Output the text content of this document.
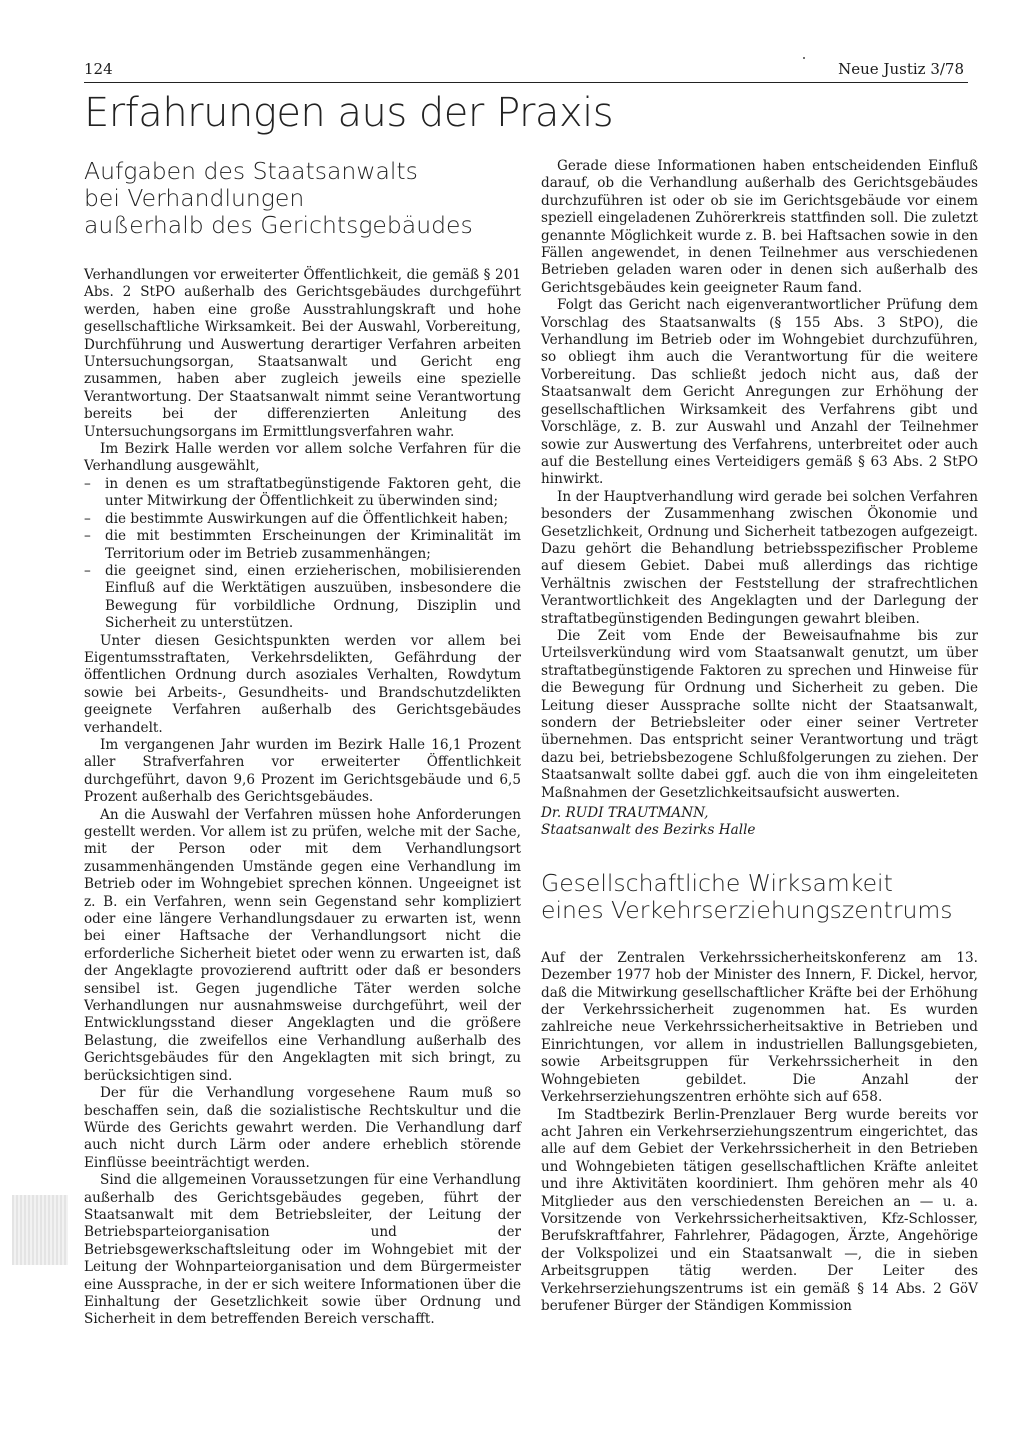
124	Neue Justiz 3/78
Erfahrungen aus der Praxis
Aufgaben des Staatsanwalts
bei Verhandlungen
außerhalb des Gerichtsgebäudes

Verhandlungen vor erweiterter Öffentlichkeit, die gemäß § 201 Abs. 2 StPO außerhalb des Gerichtsgebäudes durchgeführt werden, haben eine große Ausstrahlungskraft und hohe gesellschaftliche Wirksamkeit. Bei der Auswahl, Vorbereitung, Durchführung und Auswertung derartiger Verfahren arbeiten Untersuchungsorgan, Staatsanwalt und Gericht eng zusammen, haben aber zugleich jeweils eine spezielle Verantwortung. Der Staatsanwalt nimmt seine Verantwortung bereits bei der differenzierten Anleitung des Untersuchungsorgans im Ermittlungsverfahren wahr.

Im Bezirk Halle werden vor allem solche Verfahren für die Verhandlung ausgewählt,

– in denen es um straftatbegünstigende Faktoren geht, die unter Mitwirkung der Öffentlichkeit zu überwinden sind;
– die bestimmte Auswirkungen auf die Öffentlichkeit haben;
– die mit bestimmten Erscheinungen der Kriminalität im Territorium oder im Betrieb zusammenhängen;
– die geeignet sind, einen erzieherischen, mobilisierenden Einfluß auf die Werktätigen auszuüben, insbesondere die Bewegung für vorbildliche Ordnung, Disziplin und Sicherheit zu unterstützen.

Unter diesen Gesichtspunkten werden vor allem bei Eigentumsstraftaten, Verkehrsdelikten, Gefährdung der öffentlichen Ordnung durch asoziales Verhalten, Rowdytum sowie bei Arbeits-, Gesundheits- und Brandschutzdelikten geeignete Verfahren außerhalb des Gerichtsgebäudes verhandelt.

Im vergangenen Jahr wurden im Bezirk Halle 16,1 Prozent aller Strafverfahren vor erweiterter Öffentlichkeit durchgeführt, davon 9,6 Prozent im Gerichtsgebäude und 6,5 Prozent außerhalb des Gerichtsgebäudes.

An die Auswahl der Verfahren müssen hohe Anforderungen gestellt werden. Vor allem ist zu prüfen, welche mit der Sache, mit der Person oder mit dem Verhandlungsort zusammenhängenden Umstände gegen eine Verhandlung im Betrieb oder im Wohngebiet sprechen können. Ungeeignet ist z. B. ein Verfahren, wenn sein Gegenstand sehr kompliziert oder eine längere Verhandlungsdauer zu erwarten ist, wenn bei einer Haftsache der Verhandlungsort nicht die erforderliche Sicherheit bietet oder wenn zu erwarten ist, daß der Angeklagte provozierend auftritt oder daß er besonders sensibel ist. Gegen jugendliche Täter werden solche Verhandlungen nur ausnahmsweise durchgeführt, weil der Entwicklungsstand dieser Angeklagten und die größere Belastung, die zweifellos eine Verhandlung außerhalb des Gerichtsgebäudes für den Angeklagten mit sich bringt, zu berücksichtigen sind.

Der für die Verhandlung vorgesehene Raum muß so beschaffen sein, daß die sozialistische Rechtskultur und die Würde des Gerichts gewahrt werden. Die Verhandlung darf auch nicht durch Lärm oder andere erheblich störende Einflüsse beeinträchtigt werden.

Sind die allgemeinen Voraussetzungen für eine Verhandlung außerhalb des Gerichtsgebäudes gegeben, führt der Staatsanwalt mit dem Betriebsleiter, der Leitung der Betriebsparteiorganisation und der Betriebsgewerkschaftsleitung oder im Wohngebiet mit der Leitung der Wohnparteiorganisation und dem Bürgermeister eine Aussprache, in der er sich weitere Informationen über die Einhaltung der Gesetzlichkeit sowie über Ordnung und Sicherheit in dem betreffenden Bereich verschafft.

Gerade diese Informationen haben entscheidenden Einfluß darauf, ob die Verhandlung außerhalb des Gerichtsgebäudes durchzuführen ist oder ob sie im Gerichtsgebäude vor einem speziell eingeladenen Zuhörerkreis stattfinden soll. Die zuletzt genannte Möglichkeit wurde z. B. bei Haftsachen sowie in den Fällen angewendet, in denen Teilnehmer aus verschiedenen Betrieben geladen waren oder in denen sich außerhalb des Gerichtsgebäudes kein geeigneter Raum fand.

Folgt das Gericht nach eigenverantwortlicher Prüfung dem Vorschlag des Staatsanwalts (§ 155 Abs. 3 StPO), die Verhandlung im Betrieb oder im Wohngebiet durchzuführen, so obliegt ihm auch die Verantwortung für die weitere Vorbereitung. Das schließt jedoch nicht aus, daß der Staatsanwalt dem Gericht Anregungen zur Erhöhung der gesellschaftlichen Wirksamkeit des Verfahrens gibt und Vorschläge, z. B. zur Auswahl und Anzahl der Teilnehmer sowie zur Auswertung des Verfahrens, unterbreitet oder auch auf die Bestellung eines Verteidigers gemäß § 63 Abs. 2 StPO hinwirkt.

In der Hauptverhandlung wird gerade bei solchen Verfahren besonders der Zusammenhang zwischen Ökonomie und Gesetzlichkeit, Ordnung und Sicherheit tatbezogen aufgezeigt. Dazu gehört die Behandlung betriebsspezifischer Probleme auf diesem Gebiet. Dabei muß allerdings das richtige Verhältnis zwischen der Feststellung der strafrechtlichen Verantwortlichkeit des Angeklagten und der Darlegung der straftatbegünstigenden Bedingungen gewahrt bleiben.

Die Zeit vom Ende der Beweisaufnahme bis zur Urteilsverkündung wird vom Staatsanwalt genutzt, um über straftatbegünstigende Faktoren zu sprechen und Hinweise für die Bewegung für Ordnung und Sicherheit zu geben. Die Leitung dieser Aussprache sollte nicht der Staatsanwalt, sondern der Betriebsleiter oder einer seiner Vertreter übernehmen. Das entspricht seiner Verantwortung und trägt dazu bei, betriebsbezogene Schlußfolgerungen zu ziehen. Der Staatsanwalt sollte dabei ggf. auch die von ihm eingeleiteten Maßnahmen der Gesetzlichkeitsaufsicht auswerten.

Dr. RUDI TRAUTMANN,

Staatsanwalt des Bezirks Halle

Gesellschaftliche Wirksamkeit
eines Verkehrserziehungszentrums

Auf der Zentralen Verkehrssicherheitskonferenz am 13. Dezember 1977 hob der Minister des Innern, F. Dickel, hervor, daß die Mitwirkung gesellschaftlicher Kräfte bei der Erhöhung der Verkehrssicherheit zugenommen hat. Es wurden zahlreiche neue Verkehrssicherheitsaktive in Betrieben und Einrichtungen, vor allem in industriellen Ballungsgebieten, sowie Arbeitsgruppen für Verkehrssicherheit in den Wohngebieten gebildet. Die Anzahl der Verkehrserziehungszentren erhöhte sich auf 658.

Im Stadtbezirk Berlin-Prenzlauer Berg wurde bereits vor acht Jahren ein Verkehrserziehungszentrum eingerichtet, das alle auf dem Gebiet der Verkehrssicherheit in den Betrieben und Wohngebieten tätigen gesellschaftlichen Kräfte anleitet und ihre Aktivitäten koordiniert. Ihm gehören mehr als 40 Mitglieder aus den verschiedensten Bereichen an — u. a. Vorsitzende von Verkehrssicherheitsaktiven, Kfz-Schlosser, Berufskraftfahrer, Fahrlehrer, Pädagogen, Ärzte, Angehörige der Volkspolizei und ein Staatsanwalt —, die in sieben Arbeitsgruppen tätig werden. Der Leiter des Verkehrserziehungszentrums ist ein gemäß § 14 Abs. 2 GöV berufener Bürger der Ständigen Kommission
